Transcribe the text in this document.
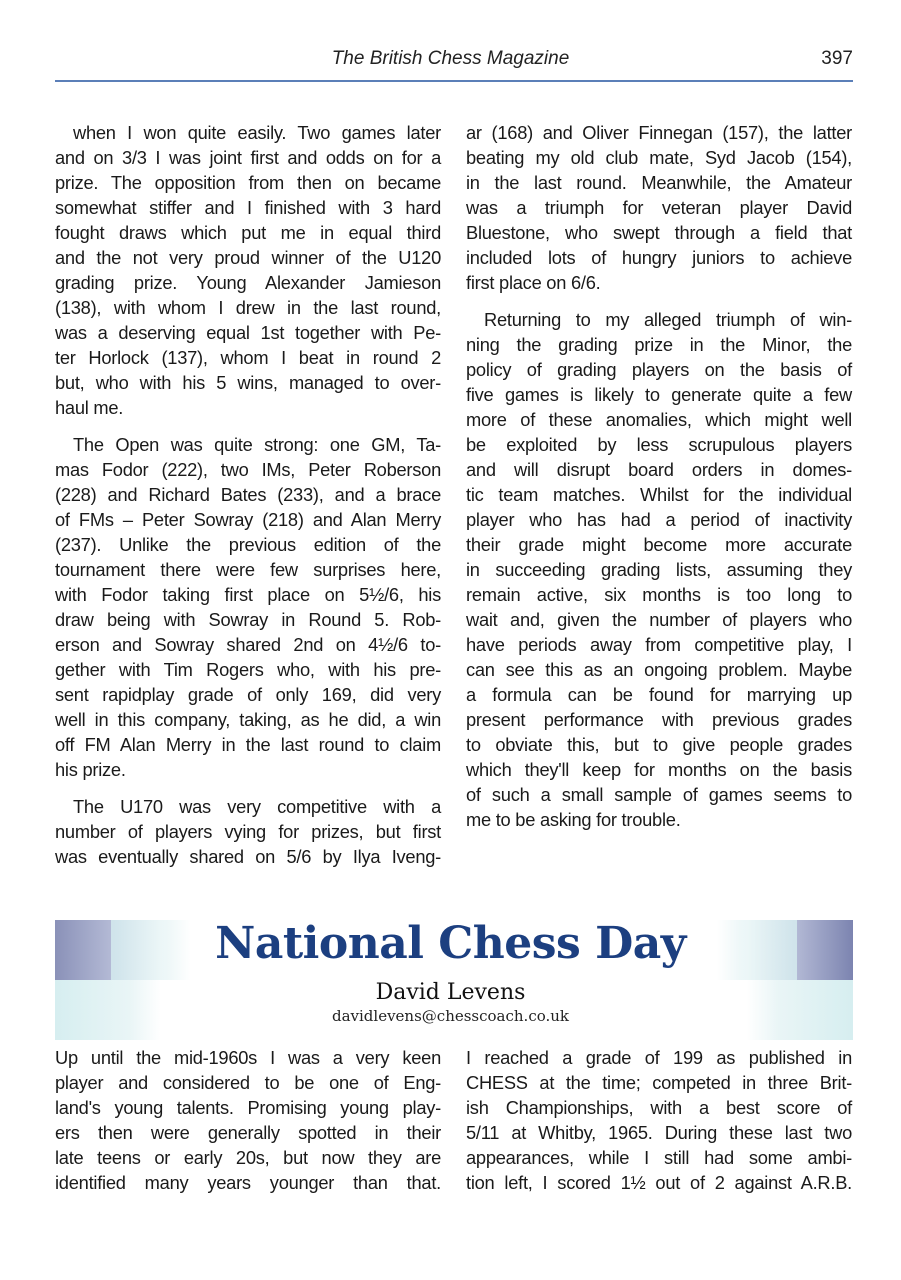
The British Chess Magazine	397
when I won quite easily. Two games later
and on 3/3 I was joint first and odds on for a
prize. The opposition from then on became
somewhat stiffer and I finished with 3 hard
fought draws which put me in equal third
and the not very proud winner of the U120
grading prize. Young Alexander Jamieson
(138), with whom I drew in the last round,
was a deserving equal 1st together with Pe-
ter Horlock (137), whom I beat in round 2
but, who with his 5 wins, managed to over-
haul me.
The Open was quite strong: one GM, Ta-
mas Fodor (222), two IMs, Peter Roberson
(228) and Richard Bates (233), and a brace
of FMs – Peter Sowray (218) and Alan Merry
(237). Unlike the previous edition of the
tournament there were few surprises here,
with Fodor taking first place on 5½/6, his
draw being with Sowray in Round 5. Rob-
erson and Sowray shared 2nd on 4½/6 to-
gether with Tim Rogers who, with his pre-
sent rapidplay grade of only 169, did very
well in this company, taking, as he did, a win
off FM Alan Merry in the last round to claim
his prize.
The U170 was very competitive with a
number of players vying for prizes, but first
was eventually shared on 5/6 by Ilya Iveng-
ar (168) and Oliver Finnegan (157), the latter
beating my old club mate, Syd Jacob (154),
in the last round. Meanwhile, the Amateur
was a triumph for veteran player David
Bluestone, who swept through a field that
included lots of hungry juniors to achieve
first place on 6/6.
Returning to my alleged triumph of win-
ning the grading prize in the Minor, the
policy of grading players on the basis of
five games is likely to generate quite a few
more of these anomalies, which might well
be exploited by less scrupulous players
and will disrupt board orders in domes-
tic team matches. Whilst for the individual
player who has had a period of inactivity
their grade might become more accurate
in succeeding grading lists, assuming they
remain active, six months is too long to
wait and, given the number of players who
have periods away from competitive play, I
can see this as an ongoing problem. Maybe
a formula can be found for marrying up
present performance with previous grades
to obviate this, but to give people grades
which they'll keep for months on the basis
of such a small sample of games seems to
me to be asking for trouble.
National Chess Day
David Levens
davidlevens@chesscoach.co.uk
Up until the mid-1960s I was a very keen
player and considered to be one of Eng-
land's young talents. Promising young play-
ers then were generally spotted in their
late teens or early 20s, but now they are
identified many years younger than that.
I reached a grade of 199 as published in
CHESS at the time; competed in three Brit-
ish Championships, with a best score of
5/11 at Whitby, 1965. During these last two
appearances, while I still had some ambi-
tion left, I scored 1½ out of 2 against A.R.B.
